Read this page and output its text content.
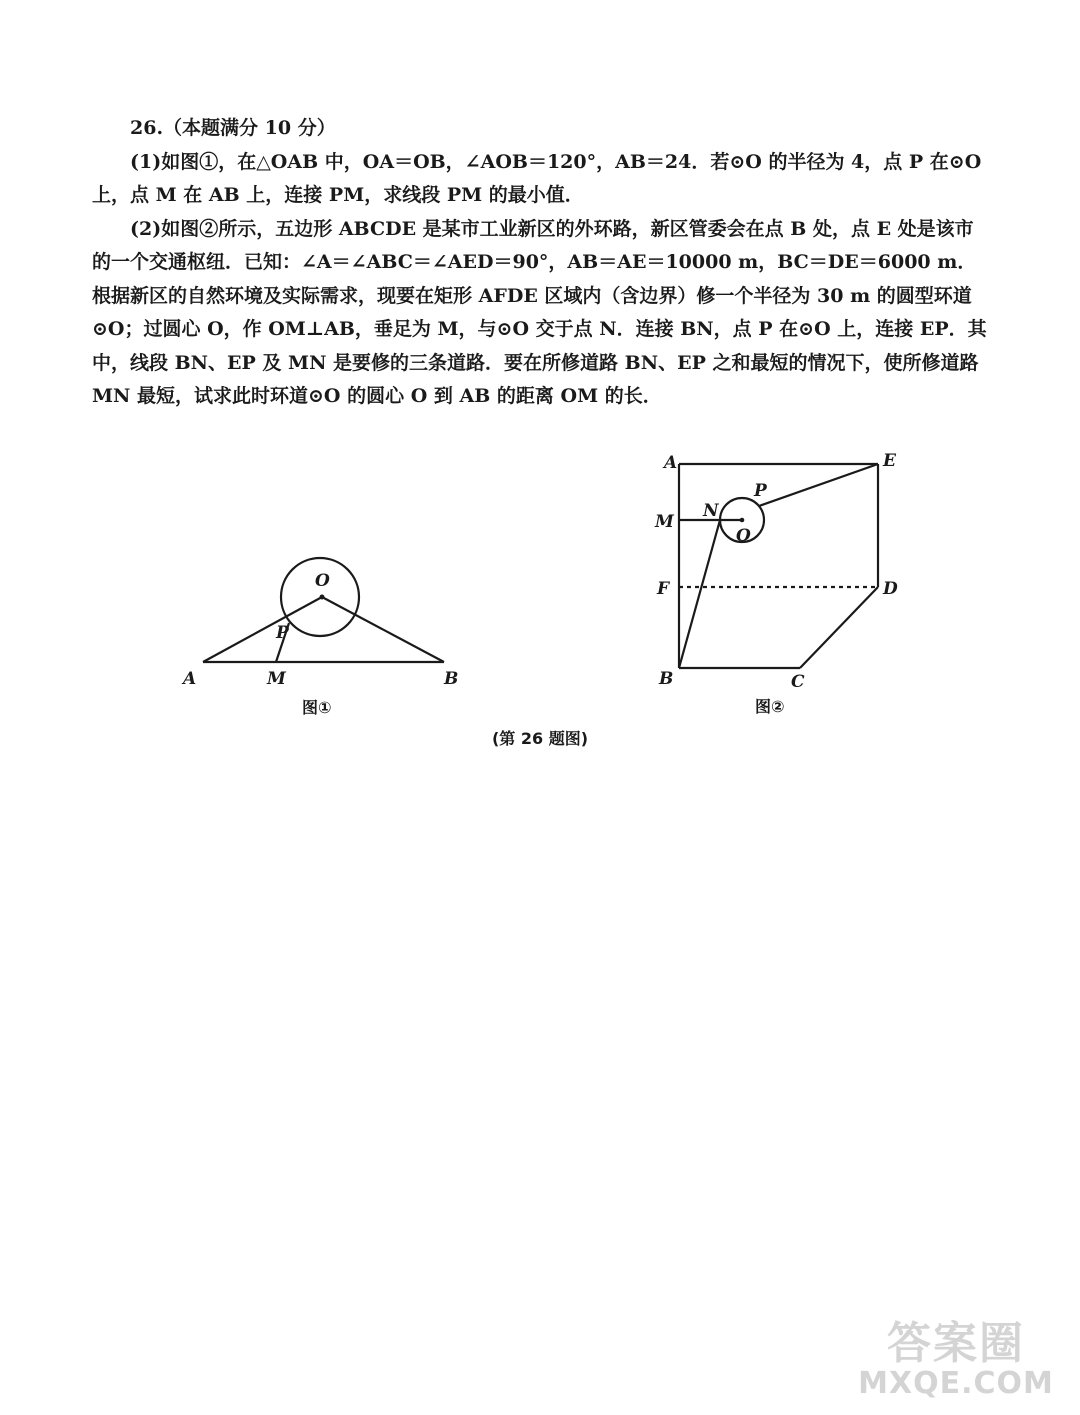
26.（本题满分 10 分）

(1)如图①，在△OAB 中，OA＝OB，∠AOB＝120°，AB＝24．若⊙O 的半径为 4，点 P 在⊙O 上，点 M 在 AB 上，连接 PM，求线段 PM 的最小值．

(2)如图②所示，五边形 ABCDE 是某市工业新区的外环路，新区管委会在点 B 处，点 E 处是该市的一个交通枢纽．已知：∠A＝∠ABC＝∠AED＝90°，AB＝AE＝10000 m，BC＝DE＝6000 m．根据新区的自然环境及实际需求，现要在矩形 AFDE 区域内（含边界）修一个半径为 30 m 的圆型环道⊙O；过圆心 O，作 OM⊥AB，垂足为 M，与⊙O 交于点 N．连接 BN，点 P 在⊙O 上，连接 EP．其中，线段 BN、EP 及 MN 是要修的三条道路．要在所修道路 BN、EP 之和最短的情况下，使所修道路 MN 最短，试求此时环道⊙O 的圆心 O 到 AB 的距离 OM 的长．

O
P
A	M	B
图①
A	E
P
M
N
O
F	D
B	C
图②
(第 26 题图)
答案圈
MXQE.COM
